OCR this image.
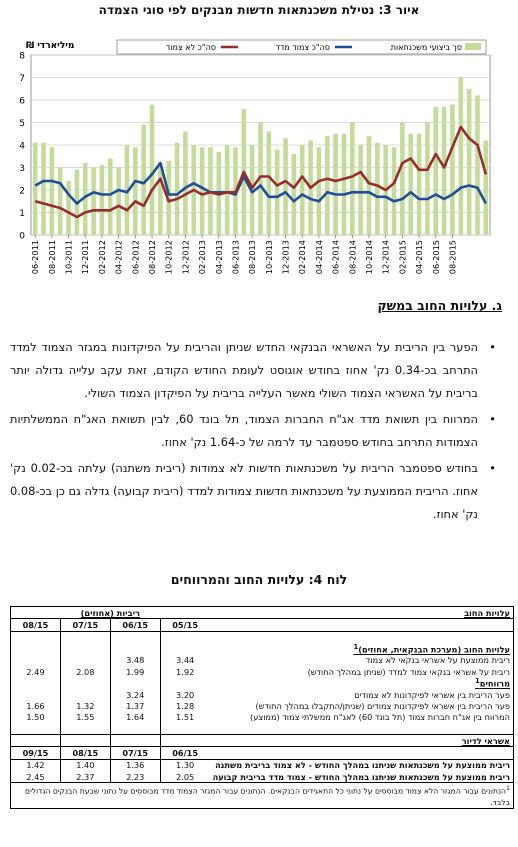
איור 3: נטילת משכנתאות חדשות מבנקים לפי סוגי הצמדה
0
1
2
3
4
5
6
7
8
06-2011 08-2011 10-2011 12-2011 02-2012 04-2012 06-2012 08-2012 10-2012 12-2012 02-2013 04-2013 06-2013 08-2013 10-2013 12-2013 02-2014 04-2014 06-2014 08-2014 10-2014 12-2014 02-2015 04-2015 06-2015 08-2015
מיליארדי ₪	סך ביצועי משכנתאות
סה"כ צמוד מדד
סה"כ לא צמוד
ג. עלויות החוב במשק
•
הפער בין הריבית על האשראי הבנקאי החדש שניתן והריבית על הפיקדונות במגזר הצמוד למדד התרחב בכ-0.34 נק' אחוז בחודש אוגוסט לעומת החודש הקודם, זאת עקב עלייה גדולה יותר בריבית על האשראי הצמוד השולי מאשר העלייה בריבית על הפיקדון הצמוד השולי.
•
המרווח בין תשואת מדד אג"ח החברות הצמוד, תל בונד 60, לבין תשואת האג"ח הממשלתיות הצמודות התרחב בחודש ספטמבר עד לרמה של כ-1.64 נק' אחוז.
•
בחודש ספטמבר הריבית על משכנתאות חדשות לא צמודות (ריבית משתנה) עלתה בכ-0.02 נק' אחוז. הריבית הממוצעת על משכנתאות חדשות צמודות למדד (ריבית קבועה) גדלה גם כן בכ-0.08 נק' אחוז.
לוח 4: עלויות החוב והמרווחים
עלויות החוב	ריביות (אחוזים)			
	05/15	06/15	07/15	08/15

עלויות החוב (מערכת הבנקאית, אחוזים)$^1$				
ריבית ממוצעת על אשראי בנקאי לא צמוד	3.44	3.48		
ריבית על אשראי בנקאי צמוד למדד (שניתן במהלך החודש)	1.92	1.99	2.08	2.49
מרווחים$^1$				
פער הריבית בין אשראי לפיקדונות לא צמודים	3.20	3.24		
פער הריבית בין אשראי לפיקדונות צמודים (שניתן/התקבלו במהלך החודש)	1.28	1.37	1.32	1.66
המרווח בין אג"ח חברות צמוד (תל בונד 60) לאג"ח ממשלתי צמוד (ממוצע)	1.51	1.64	1.55	1.50

אשראי לדיור				
	06/15	07/15	08/15	09/15
ריבית ממוצעת על משכנתאות שניתנו במהלך החודש - לא צמוד בריבית משתנה	1.30	1.36	1.40	1.42
ריבית ממוצעת על משכנתאות שניתנו במהלך החודש - צמוד מדד בריבית קבועה	2.05	2.23	2.37	2.45
$^1$הנתונים עבור המגזר הלא צמוד מבוססים על נתוני כל התאגידים הבנקאים. הנתונים עבור המגזר הצמוד מדד מבוססים על נתוני שבעת הבנקים הגדולים בלבד.				
